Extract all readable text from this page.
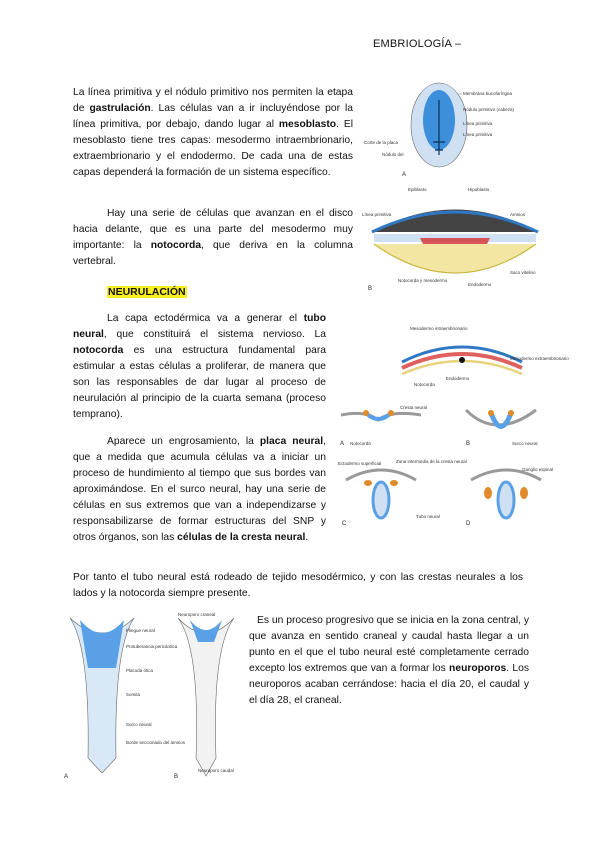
EMBRIOLOGÍA –
La línea primitiva y el nódulo primitivo nos permiten la etapa de gastrulación. Las células van a ir incluyéndose por la línea primitiva, por debajo, dando lugar al mesoblasto. El mesoblasto tiene tres capas: mesodermo intraembrionario, extraembrionario y el endodermo. De cada una de estas capas dependerá la formación de un sistema específico.
Hay una serie de células que avanzan en el disco hacia delante, que es una parte del mesodermo muy importante: la notocorda, que deriva en la columna vertebral.
NEURULACIÓN
La capa ectodérmica va a generar el tubo neural, que constituirá el sistema nervioso. La notocorda es una estructura fundamental para estimular a estas células a proliferar, de manera que son las responsables de dar lugar al proceso de neurulación al principio de la cuarta semana (proceso temprano).
Aparece un engrosamiento, la placa neural, que a medida que acumula células va a iniciar un proceso de hundimiento al tiempo que sus bordes van aproximándose. En el surco neural, hay una serie de células en sus extremos que van a independizarse y responsabilizarse de formar estructuras del SNP y otros órganos, son las células de la cresta neural.
Por tanto el tubo neural está rodeado de tejido mesodérmico, y con las crestas neurales a los lados y la notocorda siempre presente.
Es un proceso progresivo que se inicia en la zona central, y que avanza en sentido craneal y caudal hasta llegar a un punto en el que el tubo neural esté completamente cerrado excepto los extremos que van a formar los neuroporos. Los neuroporos acaban cerrándose: hacia el día 20, el caudal y el día 28, el craneal.
Membrana bucofaríngea
Nódulo primitivo (cabeza)
Línea primitiva
Corte de la placa
Nódulo del
Línea primitiva
A
Epiblasto	Hipoblasto
Línea primitiva	Amnios
Saco vitelino
Notocorda y mesodermo
Endodermo
B
Mesodermo intraembrionario
Mesodermo extraembrionario
Endodermo
Notocorda
A	B
C	D
Cresta neural
Notocorda	Surco neural
Ectodermo superficial
Tubo neural
Ganglio espinal
Zona intermedia de la cresta neural
A	B
Pliegue neural
Protuberancia pericárdica
Placoda ótica
Somita
Surco neural
Borde seccionado del amnios
Neuroporo craneal
Neuroporo caudal
